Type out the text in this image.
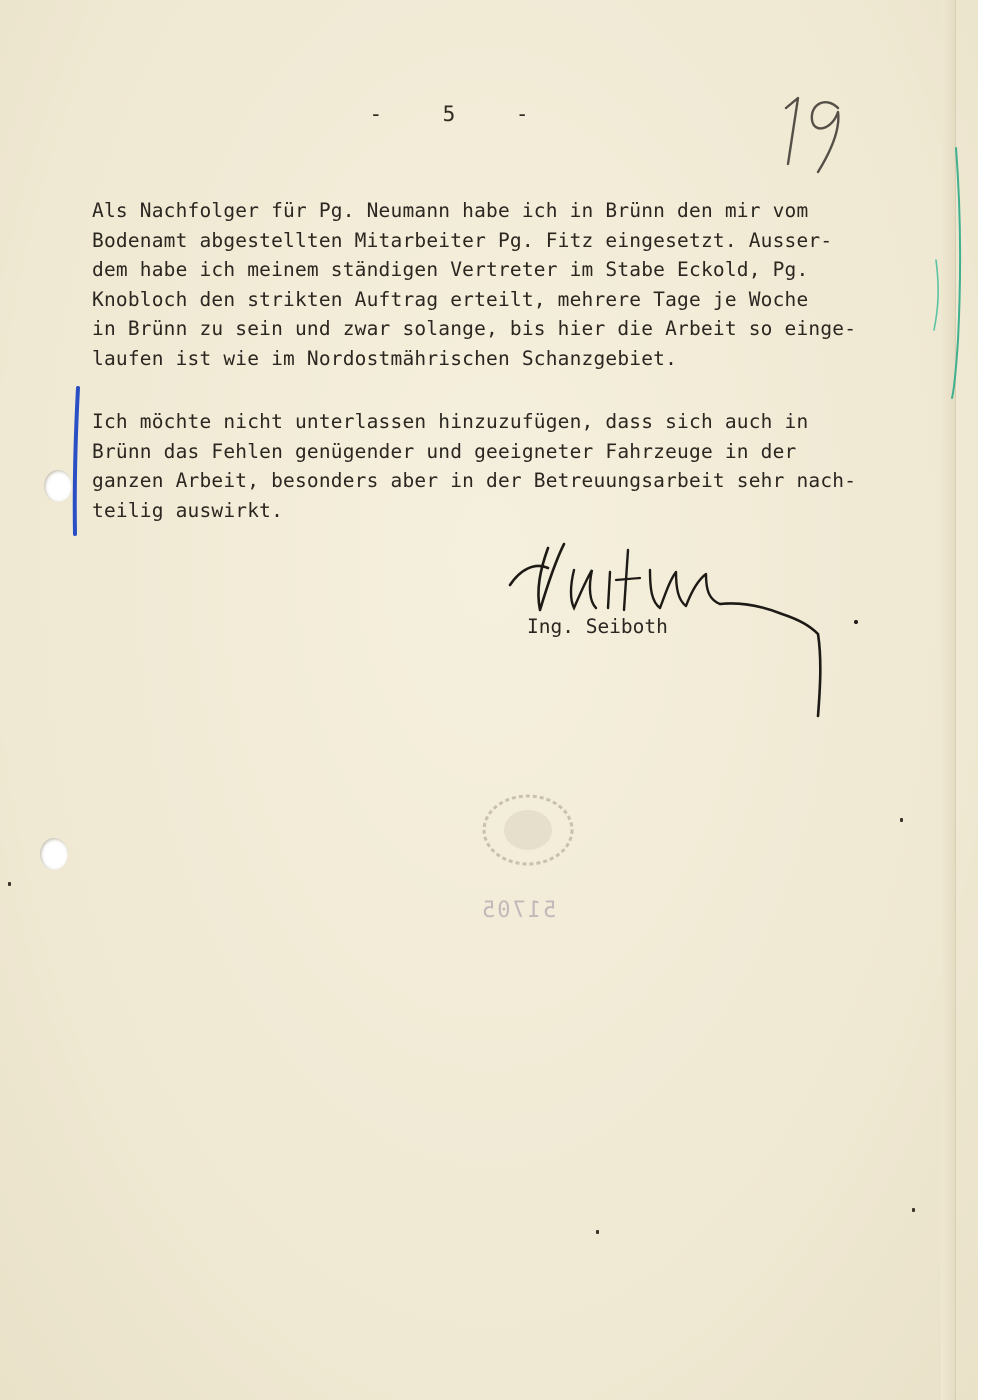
-    5    -
Als Nachfolger für Pg. Neumann habe ich in Brünn den mir vom
Bodenamt abgestellten Mitarbeiter Pg. Fitz eingesetzt. Ausser-
dem habe ich meinem ständigen Vertreter im Stabe Eckold, Pg.
Knobloch den strikten Auftrag erteilt, mehrere Tage je Woche
in Brünn zu sein und zwar solange, bis hier die Arbeit so einge-
laufen ist wie im Nordostmährischen Schanzgebiet.
Ich möchte nicht unterlassen hinzuzufügen, dass sich auch in
Brünn das Fehlen genügender und geeigneter Fahrzeuge in der
ganzen Arbeit, besonders aber in der Betreuungsarbeit sehr nach-
teilig auswirkt.
Ing. Seiboth
51705
